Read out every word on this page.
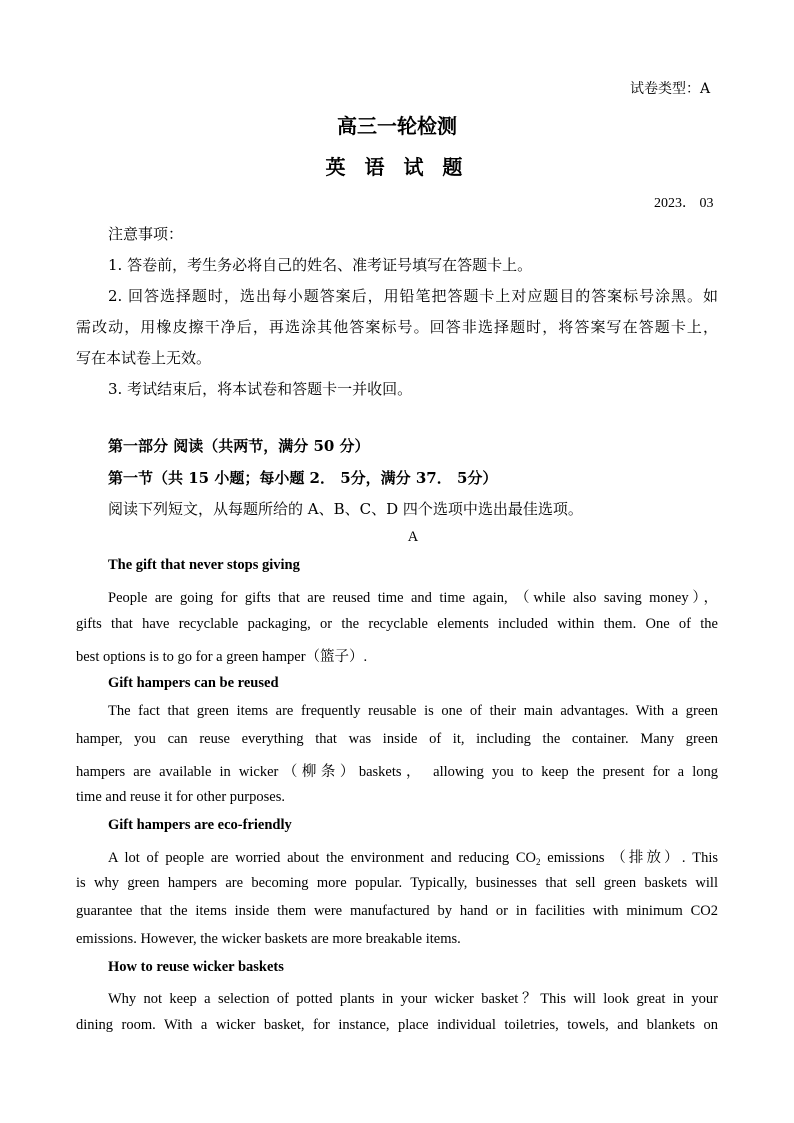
试卷类型：A
高三一轮检测
英 语 试 题
2023． 03
注意事项：
1. 答卷前，考生务必将自己的姓名、准考证号填写在答题卡上。
2. 回答选择题时，选出每小题答案后，用铅笔把答题卡上对应题目的答案标号涂黑。如
需改动，用橡皮擦干净后，再选涂其他答案标号。回答非选择题时，将答案写在答题卡上，
写在本试卷上无效。
3. 考试结束后，将本试卷和答题卡一并收回。
第一部分 阅读（共两节，满分 50 分）
第一节（共 15 小题；每小题 2． 5分，满分 37． 5分）
阅读下列短文，从每题所给的 A、B、C、D 四个选项中选出最佳选项。
A
The gift that never stops giving
People are going for gifts that are reused time and time again, （while also saving money），
gifts that have recyclable packaging, or the recyclable elements included within them. One of the
best options is to go for a green hamper（篮子）.
Gift hampers can be reused
The fact that green items are frequently reusable is one of their main advantages. With a green
hamper, you can reuse everything that was inside of it, including the container. Many green
hampers are available in wicker（柳条）baskets， allowing you to keep the present for a long
time and reuse it for other purposes.
Gift hampers are eco-friendly
A lot of people are worried about the environment and reducing $CO_2$ emissions （排放）. This
is why green hampers are becoming more popular. Typically, businesses that sell green baskets will
guarantee that the items inside them were manufactured by hand or in facilities with minimum CO2
emissions. However, the wicker baskets are more breakable items.
How to reuse wicker baskets
Why not keep a selection of potted plants in your wicker basket？This will look great in your
dining room. With a wicker basket, for instance, place individual toiletries, towels, and blankets on
